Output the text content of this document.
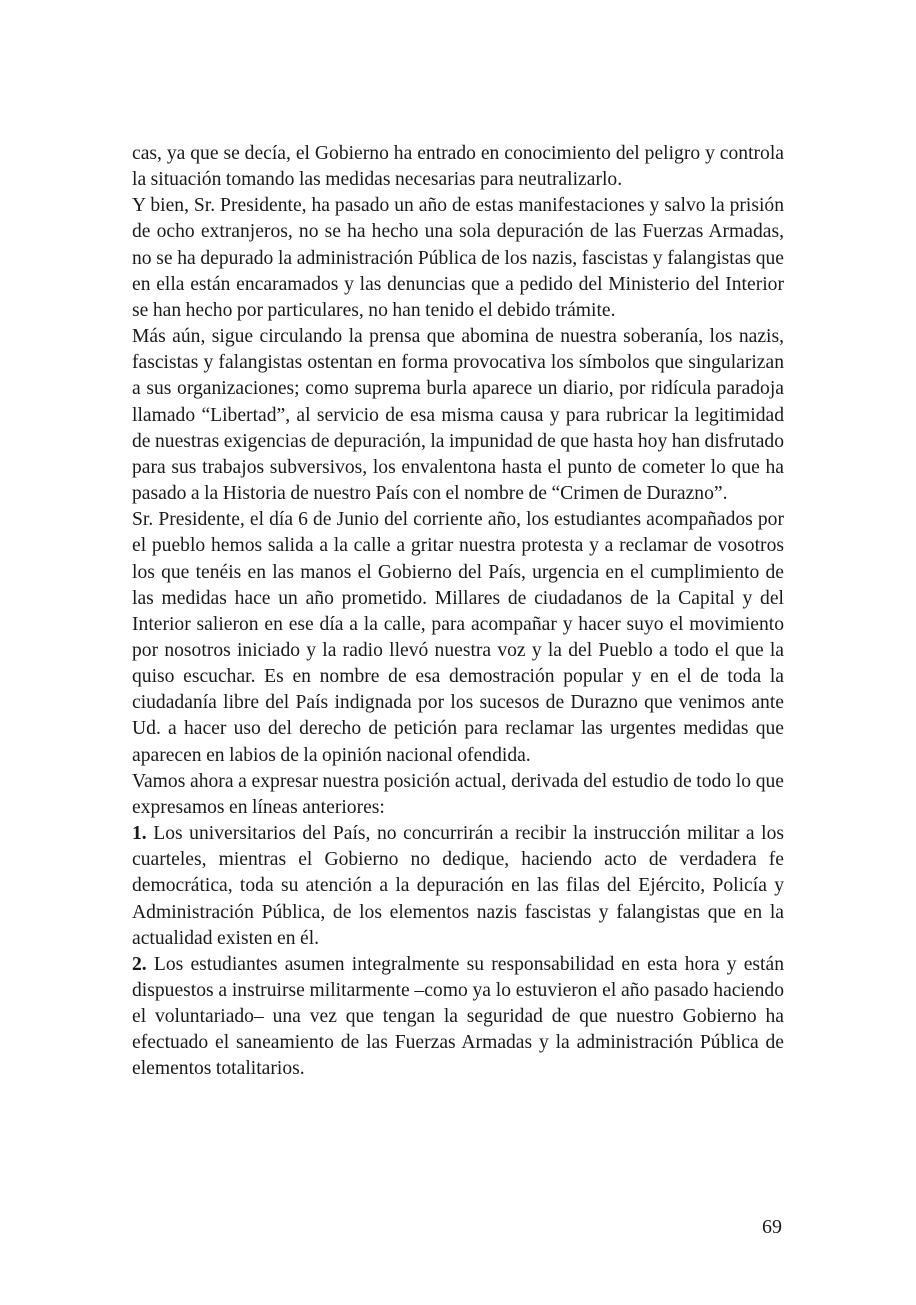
cas, ya que se decía, el Gobierno ha entrado en conocimiento del peligro y controla la situación tomando las medidas necesarias para neutralizarlo.

Y bien, Sr. Presidente, ha pasado un año de estas manifestaciones y salvo la prisión de ocho extranjeros, no se ha hecho una sola depuración de las Fuerzas Armadas, no se ha depurado la administración Pública de los nazis, fascistas y falangistas que en ella están encaramados y las denuncias que a pedido del Ministerio del Interior se han hecho por particulares, no han tenido el debido trámite.

Más aún, sigue circulando la prensa que abomina de nuestra soberanía, los nazis, fascistas y falangistas ostentan en forma provocativa los símbolos que singularizan a sus organizaciones; como suprema burla aparece un diario, por ridícula paradoja llamado “Libertad”, al servicio de esa misma causa y para rubricar la legitimidad de nuestras exigencias de depuración, la impunidad de que hasta hoy han disfrutado para sus trabajos subversivos, los envalentona hasta el punto de cometer lo que ha pasado a la Historia de nuestro País con el nombre de “Crimen de Durazno”.

Sr. Presidente, el día 6 de Junio del corriente año, los estudiantes acompañados por el pueblo hemos salida a la calle a gritar nuestra protesta y a reclamar de vosotros los que tenéis en las manos el Gobierno del País, urgencia en el cumplimiento de las medidas hace un año prometido. Millares de ciudadanos de la Capital y del Interior salieron en ese día a la calle, para acompañar y hacer suyo el movimiento por nosotros iniciado y la radio llevó nuestra voz y la del Pueblo a todo el que la quiso escuchar. Es en nombre de esa demostración popular y en el de toda la ciudadanía libre del País indignada por los sucesos de Durazno que venimos ante Ud. a hacer uso del derecho de petición para reclamar las urgentes medidas que aparecen en labios de la opinión nacional ofendida.

Vamos ahora a expresar nuestra posición actual, derivada del estudio de todo lo que expresamos en líneas anteriores:

1. Los universitarios del País, no concurrirán a recibir la instrucción militar a los cuarteles, mientras el Gobierno no dedique, haciendo acto de verdadera fe democrática, toda su atención a la depuración en las filas del Ejército, Policía y Administración Pública, de los elementos nazis fascistas y falangistas que en la actualidad existen en él.

2. Los estudiantes asumen integralmente su responsabilidad en esta hora y están dispuestos a instruirse militarmente –como ya lo estuvieron el año pasado haciendo el voluntariado– una vez que tengan la seguridad de que nuestro Gobierno ha efectuado el saneamiento de las Fuerzas Armadas y la administración Pública de elementos totalitarios.

69
